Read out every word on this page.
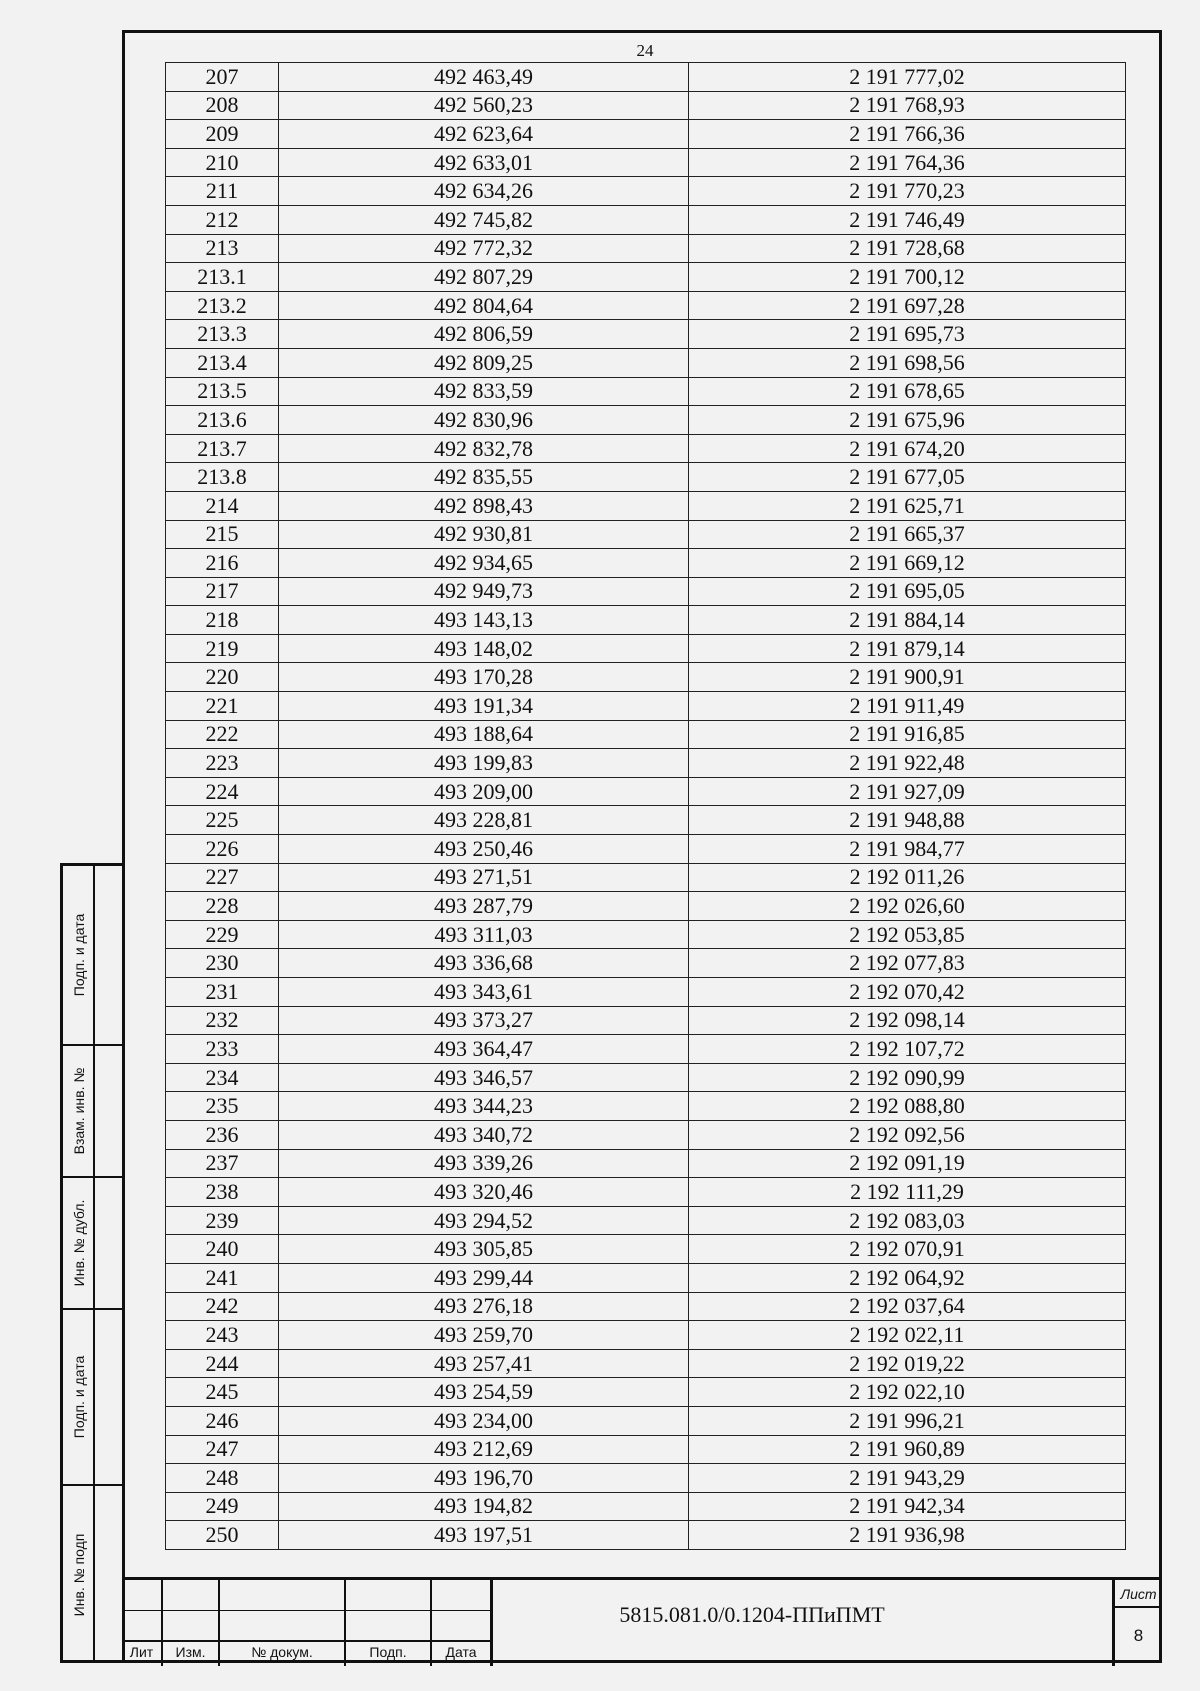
24
207	492 463,49	2 191 777,02
208	492 560,23	2 191 768,93
209	492 623,64	2 191 766,36
210	492 633,01	2 191 764,36
211	492 634,26	2 191 770,23
212	492 745,82	2 191 746,49
213	492 772,32	2 191 728,68
213.1	492 807,29	2 191 700,12
213.2	492 804,64	2 191 697,28
213.3	492 806,59	2 191 695,73
213.4	492 809,25	2 191 698,56
213.5	492 833,59	2 191 678,65
213.6	492 830,96	2 191 675,96
213.7	492 832,78	2 191 674,20
213.8	492 835,55	2 191 677,05
214	492 898,43	2 191 625,71
215	492 930,81	2 191 665,37
216	492 934,65	2 191 669,12
217	492 949,73	2 191 695,05
218	493 143,13	2 191 884,14
219	493 148,02	2 191 879,14
220	493 170,28	2 191 900,91
221	493 191,34	2 191 911,49
222	493 188,64	2 191 916,85
223	493 199,83	2 191 922,48
224	493 209,00	2 191 927,09
225	493 228,81	2 191 948,88
226	493 250,46	2 191 984,77
227	493 271,51	2 192 011,26
228	493 287,79	2 192 026,60
229	493 311,03	2 192 053,85
230	493 336,68	2 192 077,83
231	493 343,61	2 192 070,42
232	493 373,27	2 192 098,14
233	493 364,47	2 192 107,72
234	493 346,57	2 192 090,99
235	493 344,23	2 192 088,80
236	493 340,72	2 192 092,56
237	493 339,26	2 192 091,19
238	493 320,46	2 192 111,29
239	493 294,52	2 192 083,03
240	493 305,85	2 192 070,91
241	493 299,44	2 192 064,92
242	493 276,18	2 192 037,64
243	493 259,70	2 192 022,11
244	493 257,41	2 192 019,22
245	493 254,59	2 192 022,10
246	493 234,00	2 191 996,21
247	493 212,69	2 191 960,89
248	493 196,70	2 191 943,29
249	493 194,82	2 191 942,34
250	493 197,51	2 191 936,98
Подп. и дата
Взам. инв. №
Инв. № дубл.
Подп. и дата
Инв. № подп
Лит	Изм.	№ докум.	Подп.	Дата
5815.081.0/0.1204-ППиПМТ
Лист
8
